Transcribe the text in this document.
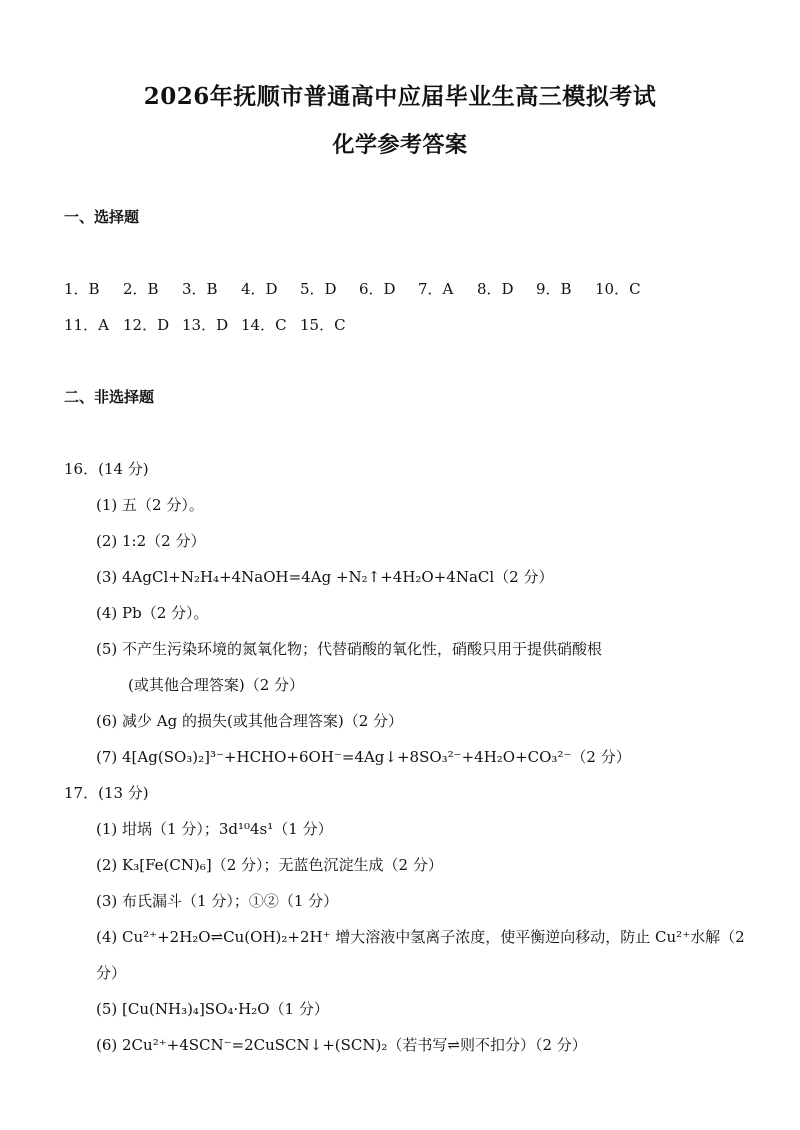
2026年抚顺市普通高中应届毕业生高三模拟考试
化学参考答案
一、选择题
1．B 2．B 3．B 4．D 5．D 6．D 7．A 8．D 9．B 10．C
11．A 12．D 13．D 14．C 15．C
二、非选择题
16．(14 分)
(1) 五（2 分）。
(2) 1:2（2 分）
(3) 4AgCl+N₂H₄+4NaOH=4Ag +N₂↑+4H₂O+4NaCl（2 分）
(4) Pb（2 分）。
(5) 不产生污染环境的氮氧化物；代替硝酸的氧化性，硝酸只用于提供硝酸根
(或其他合理答案)（2 分）
(6) 减少 Ag 的损失(或其他合理答案)（2 分）
(7) 4[Ag(SO₃)₂]³⁻+HCHO+6OH⁻=4Ag↓+8SO₃²⁻+4H₂O+CO₃²⁻（2 分）
17．(13 分)
(1) 坩埚（1 分）；3d¹⁰4s¹（1 分）
(2) K₃[Fe(CN)₆]（2 分）；无蓝色沉淀生成（2 分）
(3) 布氏漏斗（1 分）；①②（1 分）
(4) Cu²⁺+2H₂O⇌Cu(OH)₂+2H⁺ 增大溶液中氢离子浓度，使平衡逆向移动，防止 Cu²⁺水解（2
分）
(5) [Cu(NH₃)₄]SO₄·H₂O（1 分）
(6) 2Cu²⁺+4SCN⁻=2CuSCN↓+(SCN)₂（若书写⇌则不扣分）（2 分）
